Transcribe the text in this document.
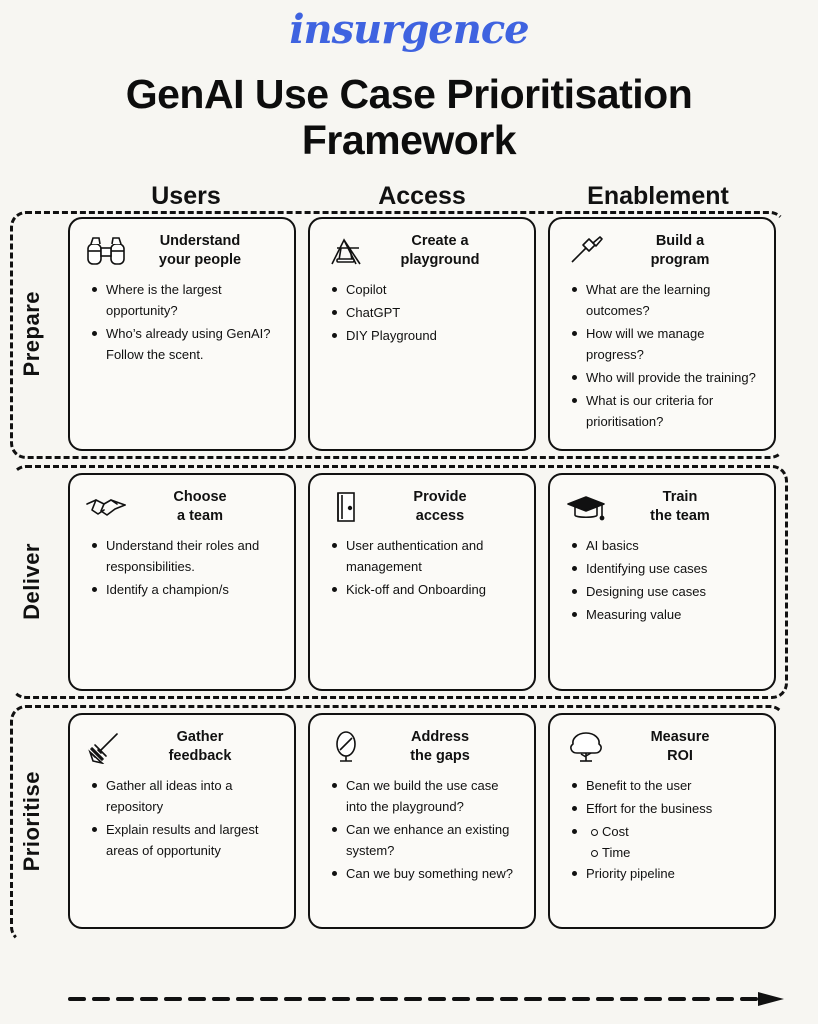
insurgence
GenAI Use Case Prioritisation Framework
Users	Access	Enablement
Prepare
Understand
your people
Where is the largest opportunity?
Who’s already using GenAI? Follow the scent.
Create a
playground
Copilot
ChatGPT
DIY Playground
Build a
program
What are the learning outcomes?
How will we manage progress?
Who will provide the training?
What is our criteria for prioritisation?
Deliver
Choose
a team
Understand their roles and responsibilities.
Identify a champion/s
Provide
access
User authentication and management
Kick-off and Onboarding
Train
the team
AI basics
Identifying use cases
Designing use cases
Measuring value
Prioritise
Gather
feedback
Gather all ideas into a repository
Explain results and largest areas of opportunity
Address
the gaps
Can we build the use case into the playground?
Can we enhance an existing system?
Can we buy something new?
Measure
ROI
Benefit to the user
Effort for the business
Cost
Time
Priority pipeline
